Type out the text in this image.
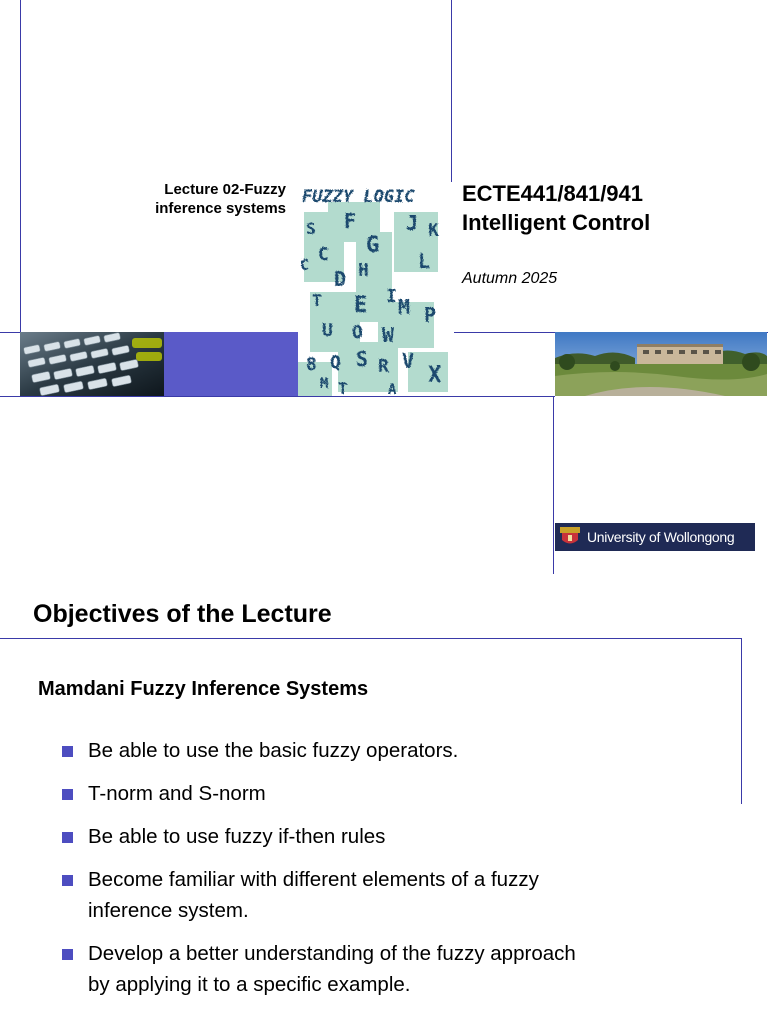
Lecture 02-Fuzzy
inference systems
ECTE441/841/941
Intelligent Control
Autumn 2025
FUZZY LOGIC
F
S	J K
C G
H
C
D
L
E I M P
T
U O W
8	R V
S
Q
X
M T	A
University of Wollongong
Objectives of the Lecture
Mamdani Fuzzy Inference Systems
Be able to use the basic fuzzy operators.
T-norm and S-norm
Be able to use fuzzy if-then rules
Become familiar with different elements of a fuzzy
inference system.
Develop a better understanding of the fuzzy approach
by applying it to a specific example.
